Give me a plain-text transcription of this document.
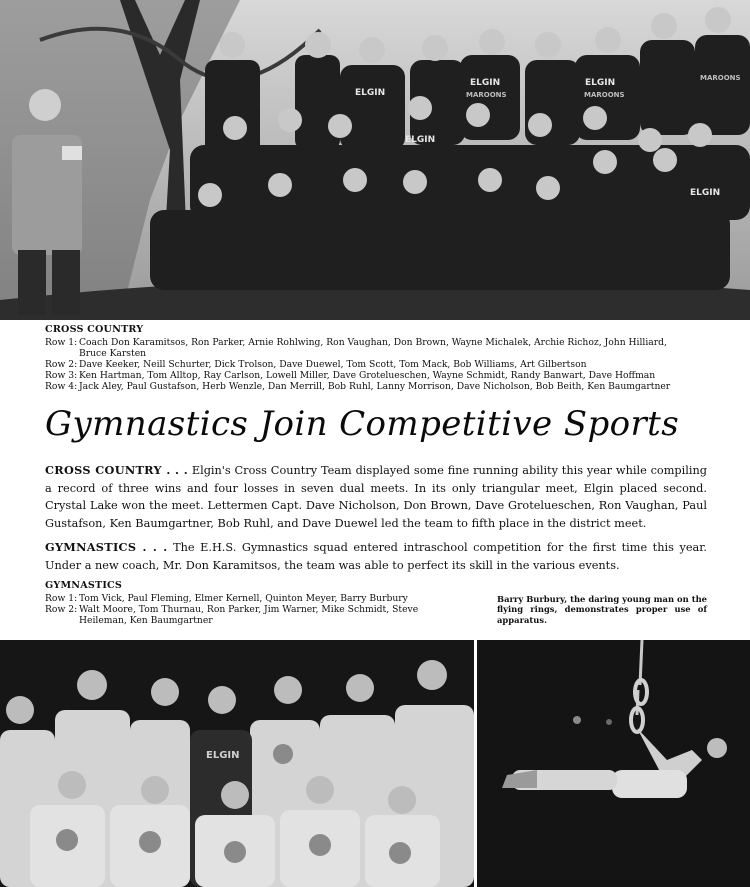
ELGIN
ELGIN	ELGIN
ELGIN
ELGIN
MAROONS	MAROONS
MAROONS
CROSS COUNTRY
Row 1: Coach Don Karamitsos, Ron Parker, Arnie Rohlwing, Ron Vaughan, Don Brown, Wayne Michalek, Archie Richoz, John Hilliard, Bruce Karsten
Row 2: Dave Keeker, Neill Schurter, Dick Trolson, Dave Duewel, Tom Scott, Tom Mack, Bob Williams, Art Gilbertson
Row 3: Ken Hartman, Tom Alltop, Ray Carlson, Lowell Miller, Dave Grotelueschen, Wayne Schmidt, Randy Banwart, Dave Hoffman
Row 4: Jack Aley, Paul Gustafson, Herb Wenzle, Dan Merrill, Bob Ruhl, Lanny Morrison, Dave Nicholson, Bob Beith, Ken Baumgartner
Gymnastics Join Competitive Sports
CROSS COUNTRY . . . Elgin's Cross Country Team displayed some fine running ability this year while compiling a record of three wins and four losses in seven dual meets. In its only triangular meet, Elgin placed second. Crystal Lake won the meet. Lettermen Capt. Dave Nicholson, Don Brown, Dave Grotelueschen, Ron Vaughan, Paul Gustafson, Ken Baumgartner, Bob Ruhl, and Dave Duewel led the team to fifth place in the district meet.
GYMNASTICS . . . The E.H.S. Gymnastics squad entered intraschool competition for the first time this year. Under a new coach, Mr. Don Karamitsos, the team was able to perfect its skill in the various events.
GYMNASTICS
Row 1: Tom Vick, Paul Fleming, Elmer Kernell, Quinton Meyer, Barry Burbury
Row 2: Walt Moore, Tom Thurnau, Ron Parker, Jim Warner, Mike Schmidt, Steve Heileman, Ken Baumgartner
Barry Burbury, the daring young man on the flying rings, demonstrates proper use of apparatus.
ELGIN
